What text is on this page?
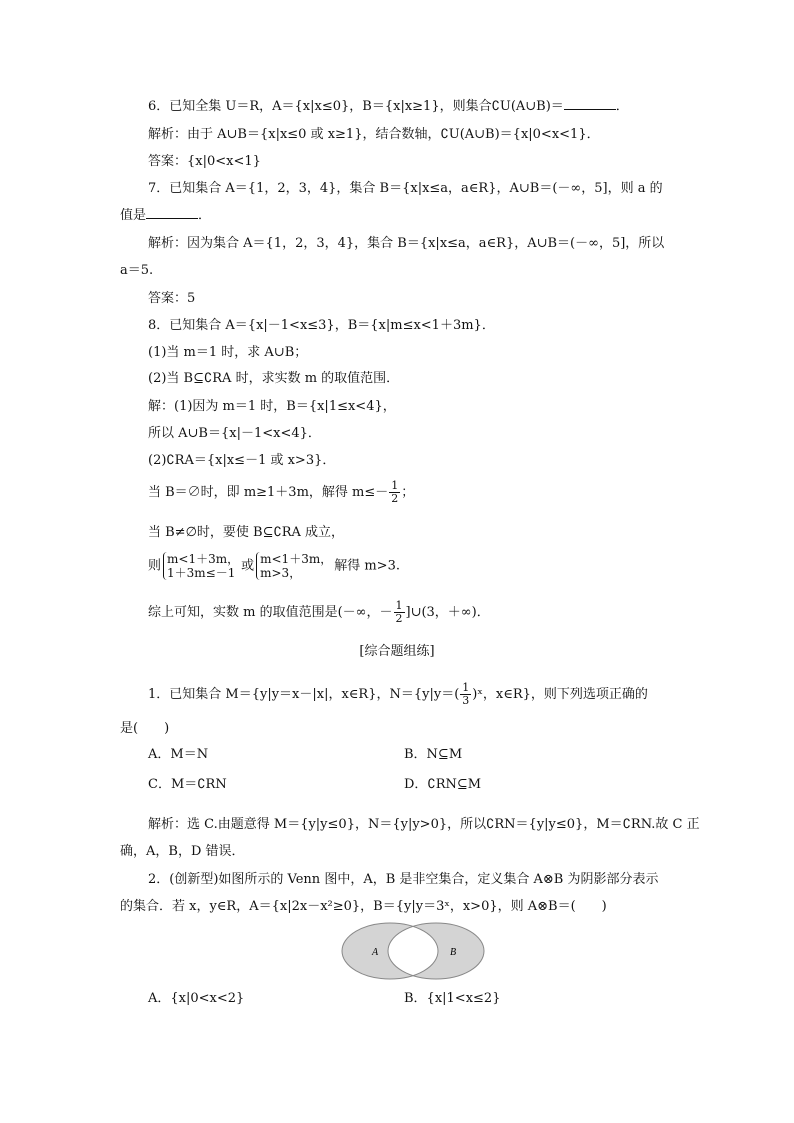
6．已知全集 U＝R，A＝{x|x≤0}，B＝{x|x≥1}，则集合∁U(A∪B)＝	．
解析：由于 A∪B＝{x|x≤0 或 x≥1}，结合数轴，∁U(A∪B)＝{x|0<x<1}．
答案：{x|0<x<1}
7．已知集合 A＝{1，2，3，4}，集合 B＝{x|x≤a，a∈R}，A∪B＝(－∞，5]，则 a 的
值是	．
解析：因为集合 A＝{1，2，3，4}，集合 B＝{x|x≤a，a∈R}，A∪B＝(－∞，5]，所以
a＝5.
答案：5
8．已知集合 A＝{x|－1<x≤3}，B＝{x|m≤x<1＋3m}．
(1)当 m＝1 时，求 A∪B；
(2)当 B⊆∁RA 时，求实数 m 的取值范围．
解：(1)因为 m＝1 时，B＝{x|1≤x<4}，
所以 A∪B＝{x|－1<x<4}．
(2)∁RA＝{x|x≤－1 或 x>3}．
当 B＝∅时，即 m≥1＋3m，解得 $m\le- \frac{1}{2}$ ；
当 B≠∅时，要使 B⊆∁RA 成立，
则 m<1＋3m，
1＋3m≤－1 或 m<1＋3m，
m>3，	解得 m>3.
综上可知，实数 m 的取值范围是(－∞，－ $\frac{1}{2}$ ]∪(3，＋∞)．
[综合题组练]
1．已知集合 M＝{y|y＝x－|x|，x∈R}，$N=\{y|y=( \frac{1}{3}$ )ˣ，x∈R}，则下列选项正确的
是(　　)
A．M＝N	B．N⊆M
C．M＝∁RN	D．∁RN⊆M
解析：选 C.由题意得 M＝{y|y≤0}，N＝{y|y>0}，所以∁RN＝{y|y≤0}，M＝∁RN.故 C 正
确，A，B，D 错误．
2．(创新型)如图所示的 Venn 图中，A，B 是非空集合，定义集合 A⊗B 为阴影部分表示
的集合．若 x，y∈R，A＝{x|2x－x²≥0}，B＝{y|y＝3ˣ，x>0}，则 A⊗B＝(　　)
A	B
A．{x|0<x<2}	B．{x|1<x≤2}
